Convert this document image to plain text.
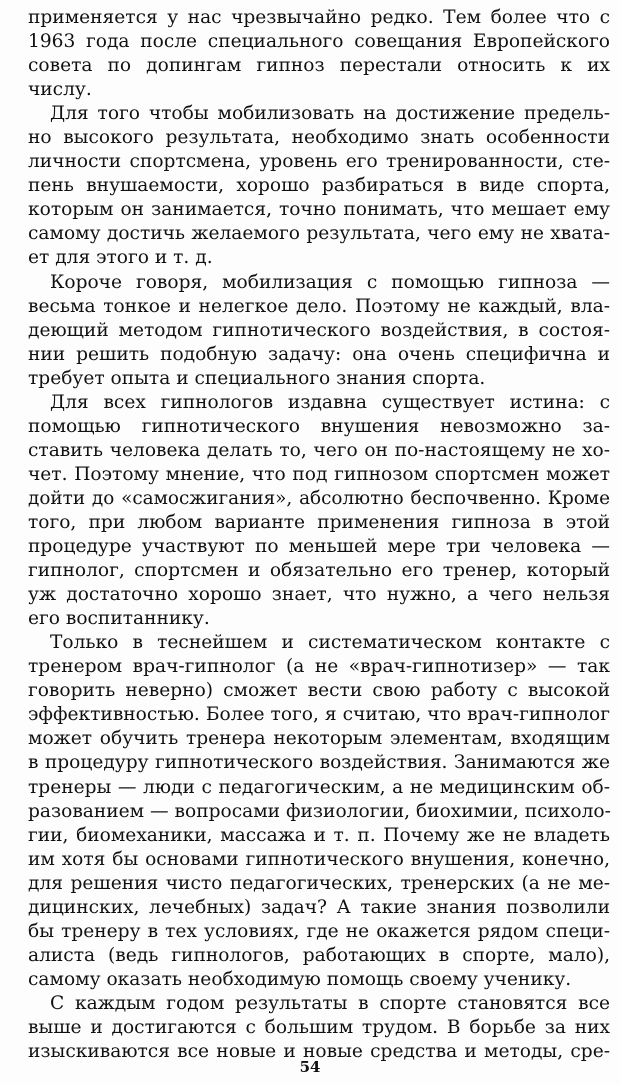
применяется у нас чрезвычайно редко. Тем более что с
1963 года после специального совещания Европейского
совета по допингам гипноз перестали относить к их
числу.
Для того чтобы мобилизовать на достижение предель-
но высокого результата, необходимо знать особенности
личности спортсмена, уровень его тренированности, сте-
пень внушаемости, хорошо разбираться в виде спорта,
которым он занимается, точно понимать, что мешает ему
самому достичь желаемого результата, чего ему не хвата-
ет для этого и т. д.
Короче говоря, мобилизация с помощью гипноза —
весьма тонкое и нелегкое дело. Поэтому не каждый, вла-
деющий методом гипнотического воздействия, в состоя-
нии решить подобную задачу: она очень специфична и
требует опыта и специального знания спорта.
Для всех гипнологов издавна существует истина: с
помощью гипнотического внушения невозможно за-
ставить человека делать то, чего он по-настоящему не хо-
чет. Поэтому мнение, что под гипнозом спортсмен может
дойти до «самосжигания», абсолютно беспочвенно. Кроме
того, при любом варианте применения гипноза в этой
процедуре участвуют по меньшей мере три человека —
гипнолог, спортсмен и обязательно его тренер, который
уж достаточно хорошо знает, что нужно, а чего нельзя
его воспитаннику.
Только в теснейшем и систематическом контакте с
тренером врач-гипнолог (а не «врач-гипнотизер» — так
говорить неверно) сможет вести свою работу с высокой
эффективностью. Более того, я считаю, что врач-гипнолог
может обучить тренера некоторым элементам, входящим
в процедуру гипнотического воздействия. Занимаются же
тренеры — люди с педагогическим, а не медицинским об-
разованием — вопросами физиологии, биохимии, психоло-
гии, биомеханики, массажа и т. п. Почему же не владеть
им хотя бы основами гипнотического внушения, конечно,
для решения чисто педагогических, тренерских (а не ме-
дицинских, лечебных) задач? А такие знания позволили
бы тренеру в тех условиях, где не окажется рядом специ-
алиста (ведь гипнологов, работающих в спорте, мало),
самому оказать необходимую помощь своему ученику.
С каждым годом результаты в спорте становятся все
выше и достигаются с большим трудом. В борьбе за них
изыскиваются все новые и новые средства и методы, сре-
54
